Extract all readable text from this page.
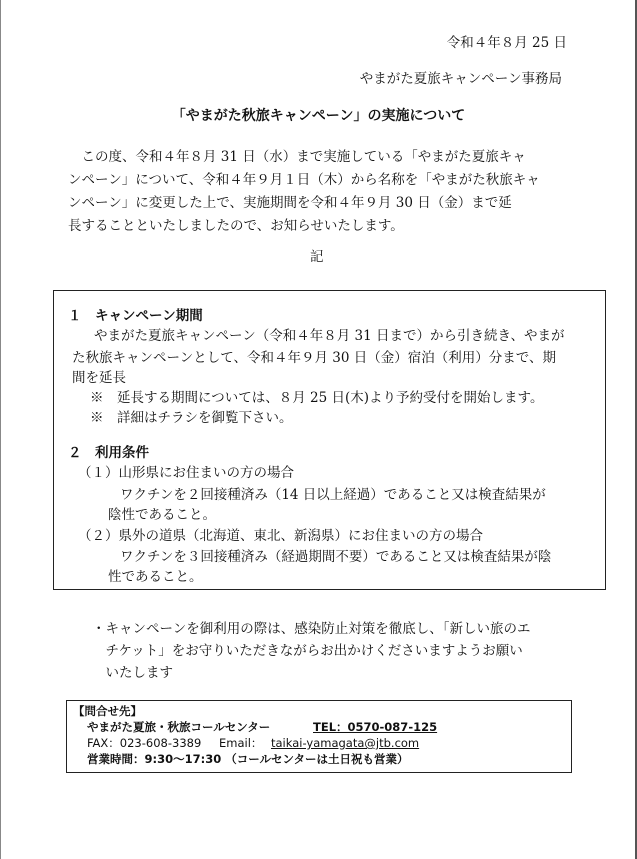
令和４年８月 25 日
やまがた夏旅キャンペーン事務局
「やまがた秋旅キャンペーン」の実施について
　この度、令和４年８月 31 日（水）まで実施している「やまがた夏旅キャ
ンペーン」について、令和４年９月１日（木）から名称を「やまがた秋旅キャ
ンペーン」に変更した上で、実施期間を令和４年９月 30 日（金）まで延
長することといたしましたので、お知らせいたします。
記
１　キャンペーン期間
やまがた夏旅キャンペーン（令和４年８月 31 日まで）から引き続き、やまが
た秋旅キャンペーンとして、令和４年９月 30 日（金）宿泊（利用）分まで、期
間を延長
※　延長する期間については、８月 25 日(木)より予約受付を開始します。
※　詳細はチラシを御覧下さい。
２　利用条件
（１）山形県にお住まいの方の場合
ワクチンを２回接種済み（14 日以上経過）であること又は検査結果が
陰性であること。
（２）県外の道県（北海道、東北、新潟県）にお住まいの方の場合
ワクチンを３回接種済み（経過期間不要）であること又は検査結果が陰
性であること。
・キャンペーンを御利用の際は、感染防止対策を徹底し、「新しい旅のエ
　チケット」をお守りいただきながらお出かけくださいますようお願い
　いたします
【問合せ先】
やまがた夏旅・秋旅コールセンター	TEL：0570-087-125
FAX：023-608-3389 Email： taikai-yamagata@jtb.com
営業時間：9:30～17:30 （コールセンターは土日祝も営業）
